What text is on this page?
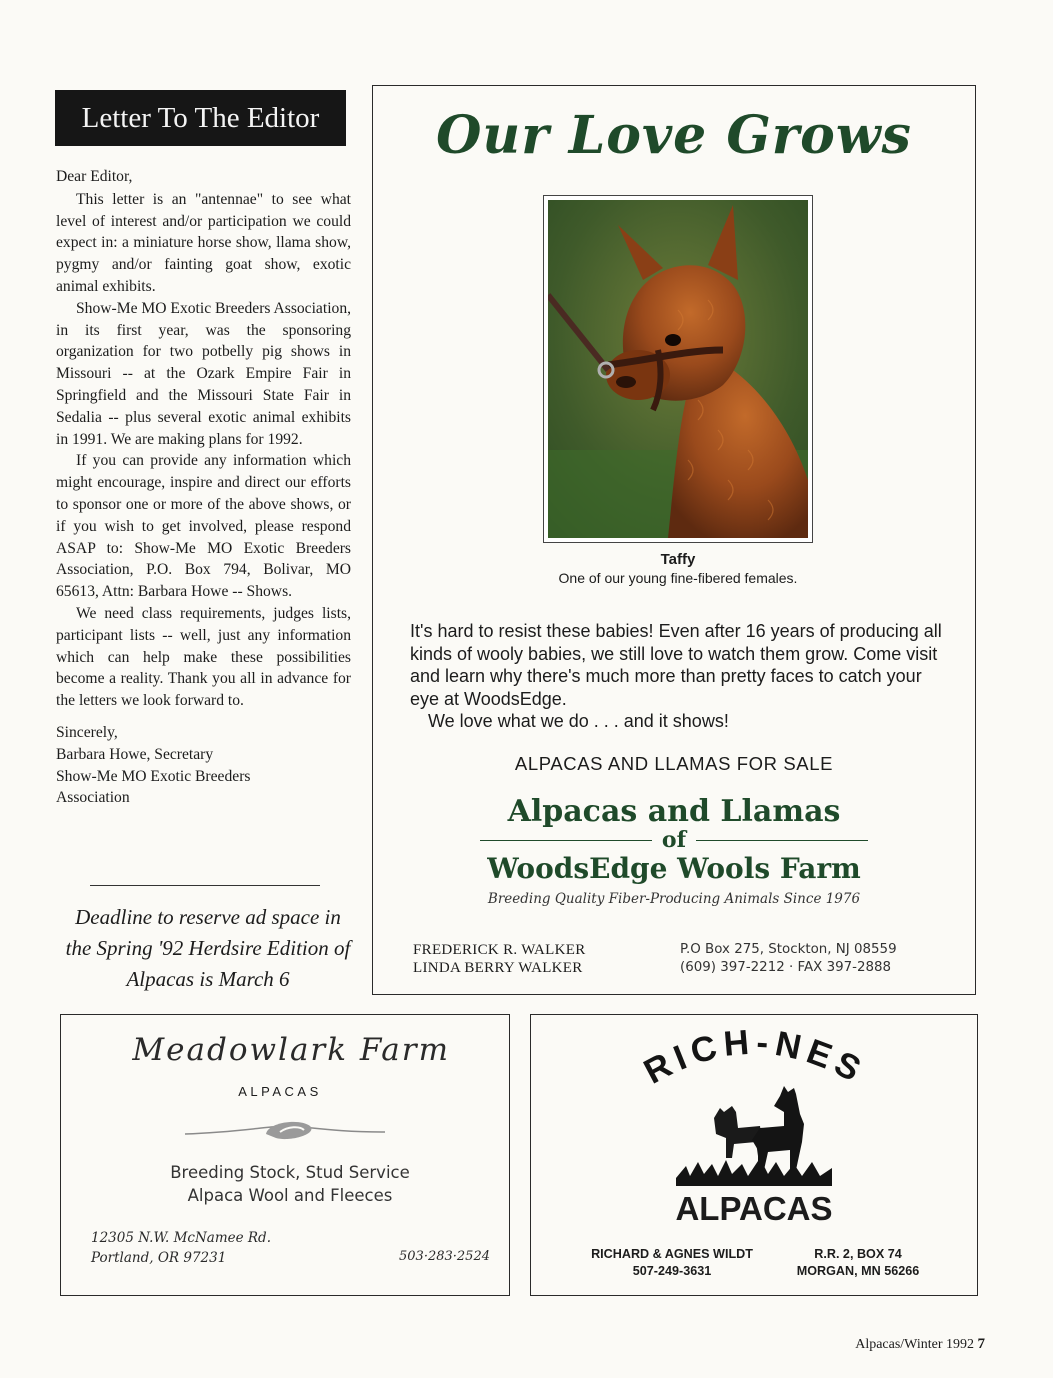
Letter To The Editor

Dear Editor,

This letter is an "antennae" to see what level of interest and/or participation we could expect in: a miniature horse show, llama show, pygmy and/or fainting goat show, exotic animal exhibits.

Show-Me MO Exotic Breeders Association, in its first year, was the sponsoring organization for two potbelly pig shows in Missouri -- at the Ozark Empire Fair in Springfield and the Missouri State Fair in Sedalia -- plus several exotic animal exhibits in 1991. We are making plans for 1992.

If you can provide any information which might encourage, inspire and direct our efforts to sponsor one or more of the above shows, or if you wish to get involved, please respond ASAP to: Show-Me MO Exotic Breeders Association, P.O. Box 794, Bolivar, MO 65613, Attn: Barbara Howe -- Shows.

We need class requirements, judges lists, participant lists -- well, just any information which can help make these possibilities become a reality. Thank you all in advance for the letters we look forward to.

Sincerely,
Barbara Howe, Secretary
Show-Me MO Exotic Breeders
Association

Deadline to reserve ad space in
the Spring '92 Herdsire Edition of
Alpacas is March 6
Our Love Grows
Taffy
One of our young fine-fibered females.

It's hard to resist these babies! Even after 16 years of producing all kinds of wooly babies, we still love to watch them grow. Come visit and learn why there's much more than pretty faces to catch your eye at WoodsEdge.

We love what we do . . . and it shows!

ALPACAS AND LLAMAS FOR SALE
Alpacas and Llamas
of
WoodsEdge Wools Farm
Breeding Quality Fiber-Producing Animals Since 1976
FREDERICK R. WALKER
LINDA BERRY WALKER
P.O Box 275, Stockton, NJ 08559
(609) 397-2212 · FAX 397-2888
Meadowlark Farm
ALPACAS
Breeding Stock, Stud Service
Alpaca Wool and Fleeces
12305 N.W. McNamee Rd.
Portland, OR 97231	503·283·2524
RICH-NES
ALPACAS
RICHARD & AGNES WILDT
507-249-3631
R.R. 2, BOX 74
MORGAN, MN 56266
Alpacas/Winter 1992 7
